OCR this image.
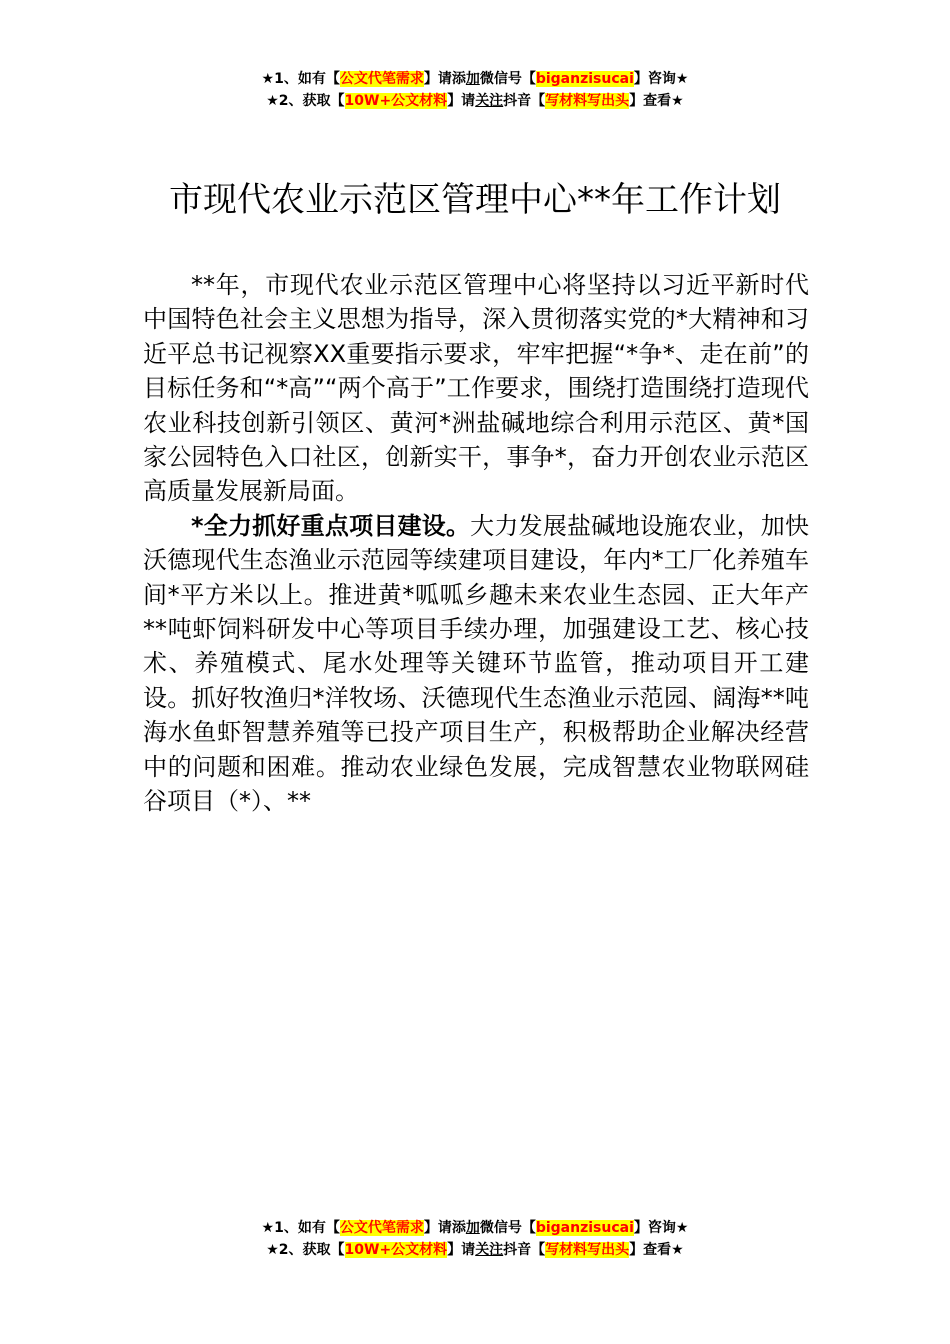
★1、如有【公文代笔需求】请添加微信号【biganzisucai】咨询★
★2、获取【10W+公文材料】请关注抖音【写材料写出头】查看★
市现代农业示范区管理中心**年工作计划

**年，市现代农业示范区管理中心将坚持以习近平新时代中国特色社会主义思想为指导，深入贯彻落实党的*大精神和习近平总书记视察XX重要指示要求，牢牢把握“*争*、走在前”的目标任务和“*高”“两个高于”工作要求，围绕打造围绕打造现代农业科技创新引领区、黄河*洲盐碱地综合利用示范区、黄*国家公园特色入口社区，创新实干，事争*，奋力开创农业示范区高质量发展新局面。

*全力抓好重点项目建设。大力发展盐碱地设施农业，加快沃德现代生态渔业示范园等续建项目建设，年内*工厂化养殖车间*平方米以上。推进黄*呱呱乡趣未来农业生态园、正大年产**吨虾饲料研发中心等项目手续办理，加强建设工艺、核心技术、养殖模式、尾水处理等关键环节监管，推动项目开工建设。抓好牧渔归*洋牧场、沃德现代生态渔业示范园、阔海**吨海水鱼虾智慧养殖等已投产项目生产，积极帮助企业解决经营中的问题和困难。推动农业绿色发展，完成智慧农业物联网硅谷项目（*）、**

★1、如有【公文代笔需求】请添加微信号【biganzisucai】咨询★
★2、获取【10W+公文材料】请关注抖音【写材料写出头】查看★
